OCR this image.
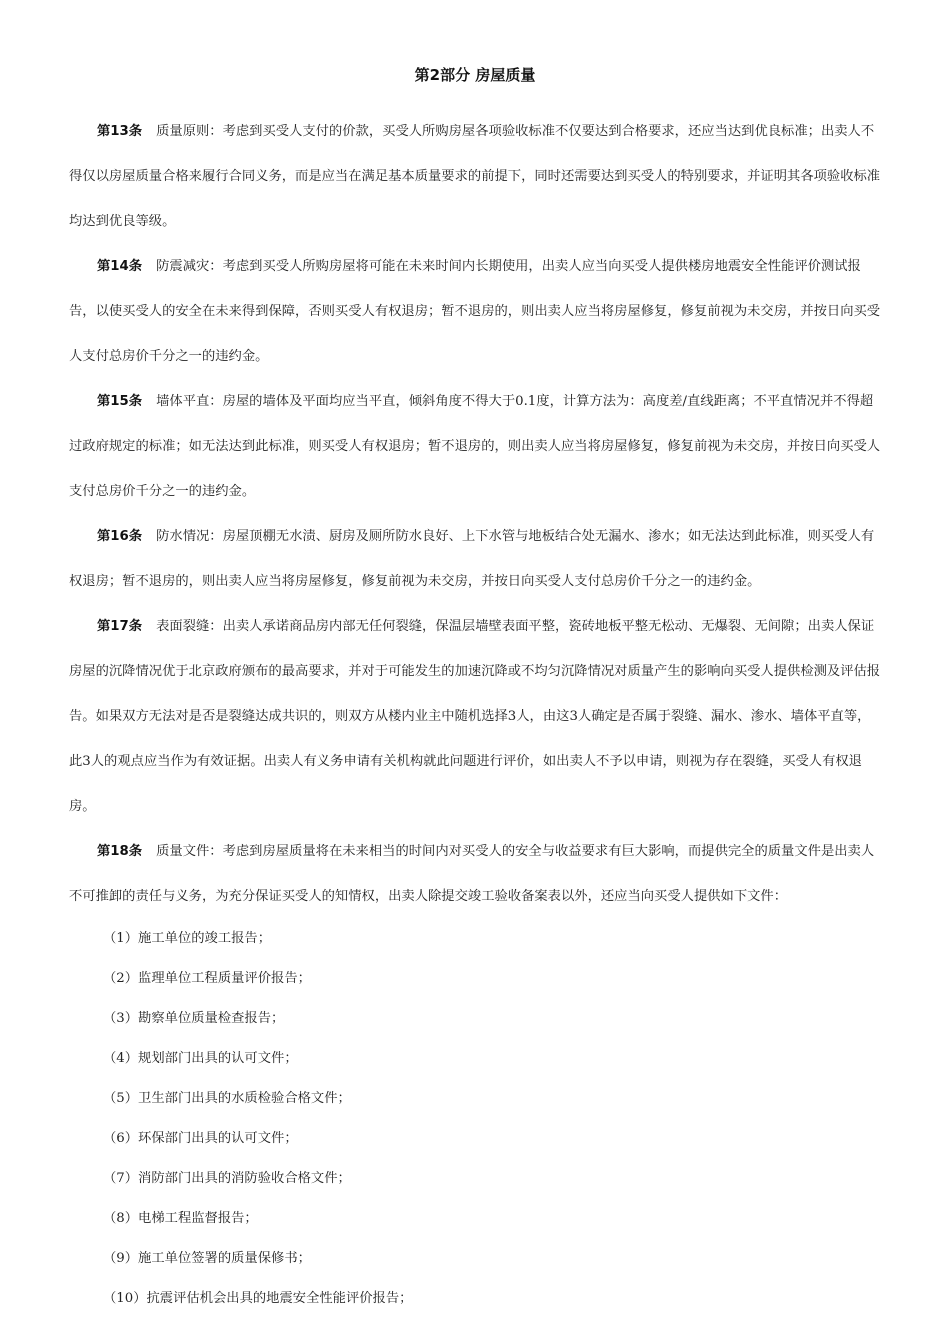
第2部分 房屋质量

第13条 质量原则：考虑到买受人支付的价款，买受人所购房屋各项验收标准不仅要达到合格要求，还应当达到优良标准；出卖人不得仅以房屋质量合格来履行合同义务，而是应当在满足基本质量要求的前提下，同时还需要达到买受人的特别要求，并证明其各项验收标准均达到优良等级。

第14条 防震减灾：考虑到买受人所购房屋将可能在未来时间内长期使用，出卖人应当向买受人提供楼房地震安全性能评价测试报告，以使买受人的安全在未来得到保障，否则买受人有权退房；暂不退房的，则出卖人应当将房屋修复，修复前视为未交房，并按日向买受人支付总房价千分之一的违约金。

第15条 墙体平直：房屋的墙体及平面均应当平直，倾斜角度不得大于0.1度，计算方法为：高度差/直线距离；不平直情况并不得超过政府规定的标准；如无法达到此标准，则买受人有权退房；暂不退房的，则出卖人应当将房屋修复，修复前视为未交房，并按日向买受人支付总房价千分之一的违约金。

第16条 防水情况：房屋顶棚无水渍、厨房及厕所防水良好、上下水管与地板结合处无漏水、渗水；如无法达到此标准，则买受人有权退房；暂不退房的，则出卖人应当将房屋修复，修复前视为未交房，并按日向买受人支付总房价千分之一的违约金。

第17条 表面裂缝：出卖人承诺商品房内部无任何裂缝，保温层墙壁表面平整，瓷砖地板平整无松动、无爆裂、无间隙；出卖人保证房屋的沉降情况优于北京政府颁布的最高要求，并对于可能发生的加速沉降或不均匀沉降情况对质量产生的影响向买受人提供检测及评估报告。如果双方无法对是否是裂缝达成共识的，则双方从楼内业主中随机选择3人，由这3人确定是否属于裂缝、漏水、渗水、墙体平直等，此3人的观点应当作为有效证据。出卖人有义务申请有关机构就此问题进行评价，如出卖人不予以申请，则视为存在裂缝，买受人有权退房。

第18条 质量文件：考虑到房屋质量将在未来相当的时间内对买受人的安全与收益要求有巨大影响，而提供完全的质量文件是出卖人不可推卸的责任与义务，为充分保证买受人的知情权，出卖人除提交竣工验收备案表以外，还应当向买受人提供如下文件：

（1）施工单位的竣工报告；

（2）监理单位工程质量评价报告；

（3）勘察单位质量检查报告；

（4）规划部门出具的认可文件；

（5）卫生部门出具的水质检验合格文件；

（6）环保部门出具的认可文件；

（7）消防部门出具的消防验收合格文件；

（8）电梯工程监督报告；

（9）施工单位签署的质量保修书；

（10）抗震评估机会出具的地震安全性能评价报告；
